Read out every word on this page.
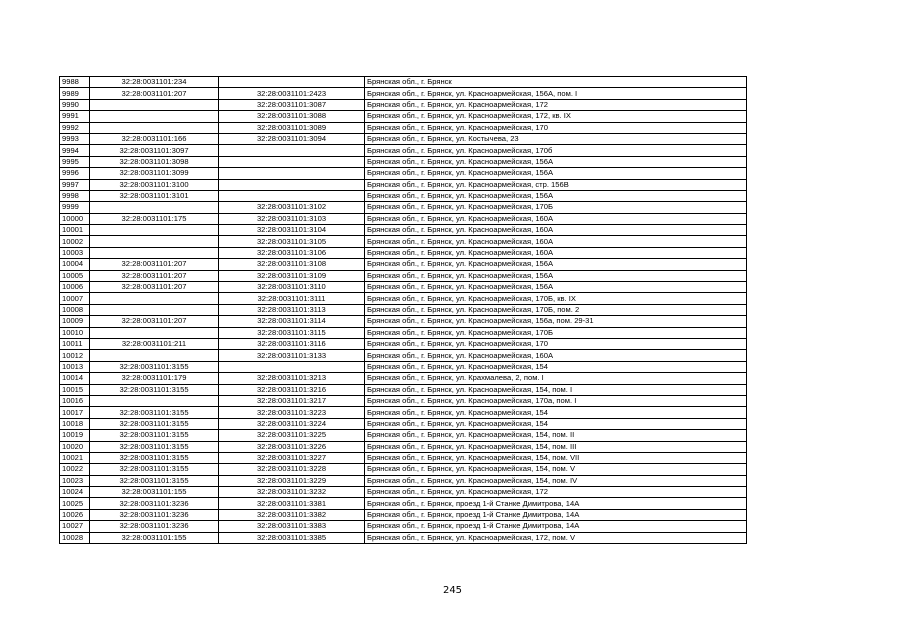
9988	32:28:0031101:234		Брянская обл., г. Брянск
9989	32:28:0031101:207	32:28:0031101:2423	Брянская обл., г. Брянск, ул. Красноармейская, 156А, пом. I
9990		32:28:0031101:3087	Брянская обл., г. Брянск, ул. Красноармейская, 172
9991		32:28:0031101:3088	Брянская обл., г. Брянск, ул. Красноармейская, 172, кв. IX
9992		32:28:0031101:3089	Брянская обл., г. Брянск, ул. Красноармейская, 170
9993	32:28:0031101:166	32:28:0031101:3094	Брянская обл., г. Брянск, ул. Костычева, 23
9994	32:28:0031101:3097		Брянская обл., г. Брянск, ул. Красноармейская, 170б
9995	32:28:0031101:3098		Брянская обл., г. Брянск, ул. Красноармейская, 156А
9996	32:28:0031101:3099		Брянская обл., г. Брянск, ул. Красноармейская, 156А
9997	32:28:0031101:3100		Брянская обл., г. Брянск, ул. Красноармейская, стр. 156В
9998	32:28:0031101:3101		Брянская обл., г. Брянск, ул. Красноармейская, 156А
9999		32:28:0031101:3102	Брянская обл., г. Брянск, ул. Красноармейская, 170Б
10000	32:28:0031101:175	32:28:0031101:3103	Брянская обл., г. Брянск, ул. Красноармейская, 160А
10001		32:28:0031101:3104	Брянская обл., г. Брянск, ул. Красноармейская, 160А
10002		32:28:0031101:3105	Брянская обл., г. Брянск, ул. Красноармейская, 160А
10003		32:28:0031101:3106	Брянская обл., г. Брянск, ул. Красноармейская, 160А
10004	32:28:0031101:207	32:28:0031101:3108	Брянская обл., г. Брянск, ул. Красноармейская, 156А
10005	32:28:0031101:207	32:28:0031101:3109	Брянская обл., г. Брянск, ул. Красноармейская, 156А
10006	32:28:0031101:207	32:28:0031101:3110	Брянская обл., г. Брянск, ул. Красноармейская, 156А
10007		32:28:0031101:3111	Брянская обл., г. Брянск, ул. Красноармейская, 170Б, кв. IX
10008		32:28:0031101:3113	Брянская обл., г. Брянск, ул. Красноармейская, 170Б, пом. 2
10009	32:28:0031101:207	32:28:0031101:3114	Брянская обл., г. Брянск, ул. Красноармейская, 156а, пом. 29-31
10010		32:28:0031101:3115	Брянская обл., г. Брянск, ул. Красноармейская, 170Б
10011	32:28:0031101:211	32:28:0031101:3116	Брянская обл., г. Брянск, ул. Красноармейская, 170
10012		32:28:0031101:3133	Брянская обл., г. Брянск, ул. Красноармейская, 160А
10013	32:28:0031101:3155		Брянская обл., г. Брянск, ул. Красноармейская, 154
10014	32:28:0031101:179	32:28:0031101:3213	Брянская обл., г. Брянск, ул. Крахмалева, 2, пом. I
10015	32:28:0031101:3155	32:28:0031101:3216	Брянская обл., г. Брянск, ул. Красноармейская, 154, пом. I
10016		32:28:0031101:3217	Брянская обл., г. Брянск, ул. Красноармейская, 170а, пом. I
10017	32:28:0031101:3155	32:28:0031101:3223	Брянская обл., г. Брянск, ул. Красноармейская, 154
10018	32:28:0031101:3155	32:28:0031101:3224	Брянская обл., г. Брянск, ул. Красноармейская, 154
10019	32:28:0031101:3155	32:28:0031101:3225	Брянская обл., г. Брянск, ул. Красноармейская, 154, пом. II
10020	32:28:0031101:3155	32:28:0031101:3226	Брянская обл., г. Брянск, ул. Красноармейская, 154, пом. III
10021	32:28:0031101:3155	32:28:0031101:3227	Брянская обл., г. Брянск, ул. Красноармейская, 154, пом. VII
10022	32:28:0031101:3155	32:28:0031101:3228	Брянская обл., г. Брянск, ул. Красноармейская, 154, пом. V
10023	32:28:0031101:3155	32:28:0031101:3229	Брянская обл., г. Брянск, ул. Красноармейская, 154, пом. IV
10024	32:28:0031101:155	32:28:0031101:3232	Брянская обл., г. Брянск, ул. Красноармейская, 172
10025	32:28:0031101:3236	32:28:0031101:3381	Брянская обл., г. Брянск, проезд 1-й Станке Димитрова, 14А
10026	32:28:0031101:3236	32:28:0031101:3382	Брянская обл., г. Брянск, проезд 1-й Станке Димитрова, 14А
10027	32:28:0031101:3236	32:28:0031101:3383	Брянская обл., г. Брянск, проезд 1-й Станке Димитрова, 14А
10028	32:28:0031101:155	32:28:0031101:3385	Брянская обл., г. Брянск, ул. Красноармейская, 172, пом. V
245
